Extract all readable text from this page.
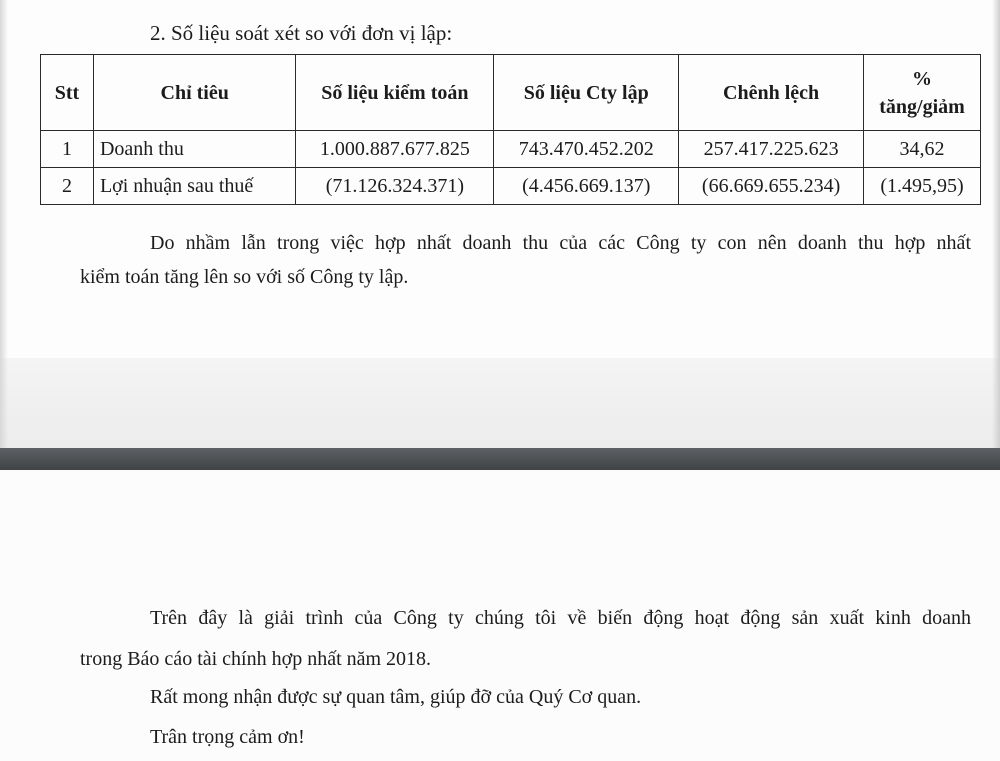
2. Số liệu soát xét so với đơn vị lập:
Stt	Chỉ tiêu	Số liệu kiểm toán	Số liệu Cty lập	Chênh lệch	%
tăng/giảm

1	Doanh thu	1.000.887.677.825	743.470.452.202	257.417.225.623	34,62
2	Lợi nhuận sau thuế	(71.126.324.371)	(4.456.669.137)	(66.669.655.234)	(1.495,95)
Do nhầm lẫn trong việc hợp nhất doanh thu của các Công ty con nên doanh thu hợp nhất
kiểm toán tăng lên so với số Công ty lập.
Trên đây là giải trình của Công ty chúng tôi về biến động hoạt động sản xuất kinh doanh
trong Báo cáo tài chính hợp nhất năm 2018.
Rất mong nhận được sự quan tâm, giúp đỡ của Quý Cơ quan.
Trân trọng cảm ơn!
